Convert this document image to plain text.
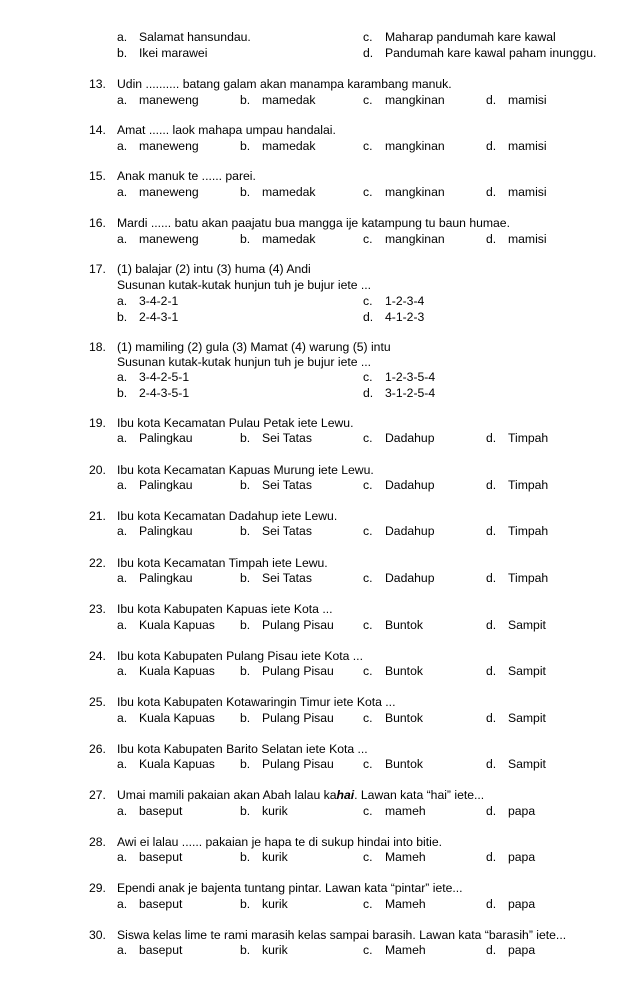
a. Salamat hansundau.	c. Maharap pandumah kare kawal
b. Ikei marawei	d. Pandumah kare kawal paham inunggu.
13. Udin .......... batang galam akan manampa karambang manuk.
a. maneweng	b. mamedak	c. mangkinan	d. mamisi
14. Amat ...... laok mahapa umpau handalai.
a. maneweng	b. mamedak	c. mangkinan	d. mamisi
15. Anak manuk te ...... parei.
a. maneweng	b. mamedak	c. mangkinan	d. mamisi
16. Mardi ...... batu akan paajatu bua mangga ije katampung tu baun humae.
a. maneweng	b. mamedak	c. mangkinan	d. mamisi
17. (1) balajar (2) intu (3) huma (4) Andi
Susunan kutak-kutak hunjun tuh je bujur iete ...
a. 3-4-2-1	c. 1-2-3-4
b. 2-4-3-1	d. 4-1-2-3
18. (1) mamiling (2) gula (3) Mamat (4) warung (5) intu
Susunan kutak-kutak hunjun tuh je bujur iete ...
a. 3-4-2-5-1	c. 1-2-3-5-4
b. 2-4-3-5-1	d. 3-1-2-5-4
19. Ibu kota Kecamatan Pulau Petak iete Lewu.
a. Palingkau	b. Sei Tatas	c. Dadahup	d. Timpah
20. Ibu kota Kecamatan Kapuas Murung iete Lewu.
a. Palingkau	b. Sei Tatas	c. Dadahup	d. Timpah
21. Ibu kota Kecamatan Dadahup iete Lewu.
a. Palingkau	b. Sei Tatas	c. Dadahup	d. Timpah
22. Ibu kota Kecamatan Timpah iete Lewu.
a. Palingkau	b. Sei Tatas	c. Dadahup	d. Timpah
23. Ibu kota Kabupaten Kapuas iete Kota ...
a. Kuala Kapuas b. Pulang Pisau c. Buntok	d. Sampit
24. Ibu kota Kabupaten Pulang Pisau iete Kota ...
a. Kuala Kapuas b. Pulang Pisau c. Buntok	d. Sampit
25. Ibu kota Kabupaten Kotawaringin Timur iete Kota ...
a. Kuala Kapuas b. Pulang Pisau c. Buntok	d. Sampit
26. Ibu kota Kabupaten Barito Selatan iete Kota ...
a. Kuala Kapuas b. Pulang Pisau c. Buntok	d. Sampit
27. Umai mamili pakaian akan Abah lalau kahai. Lawan kata “hai” iete...
a. baseput	b. kurik	c. mameh	d. papa
28. Awi ei lalau ...... pakaian je hapa te di sukup hindai into bitie.
a. baseput	b. kurik	c. Mameh	d. papa
29. Ependi anak je bajenta tuntang pintar. Lawan kata “pintar” iete...
a. baseput	b. kurik	c. Mameh	d. papa
30. Siswa kelas lime te rami marasih kelas sampai barasih. Lawan kata “barasih” iete...
a. baseput	b. kurik	c. Mameh	d. papa
